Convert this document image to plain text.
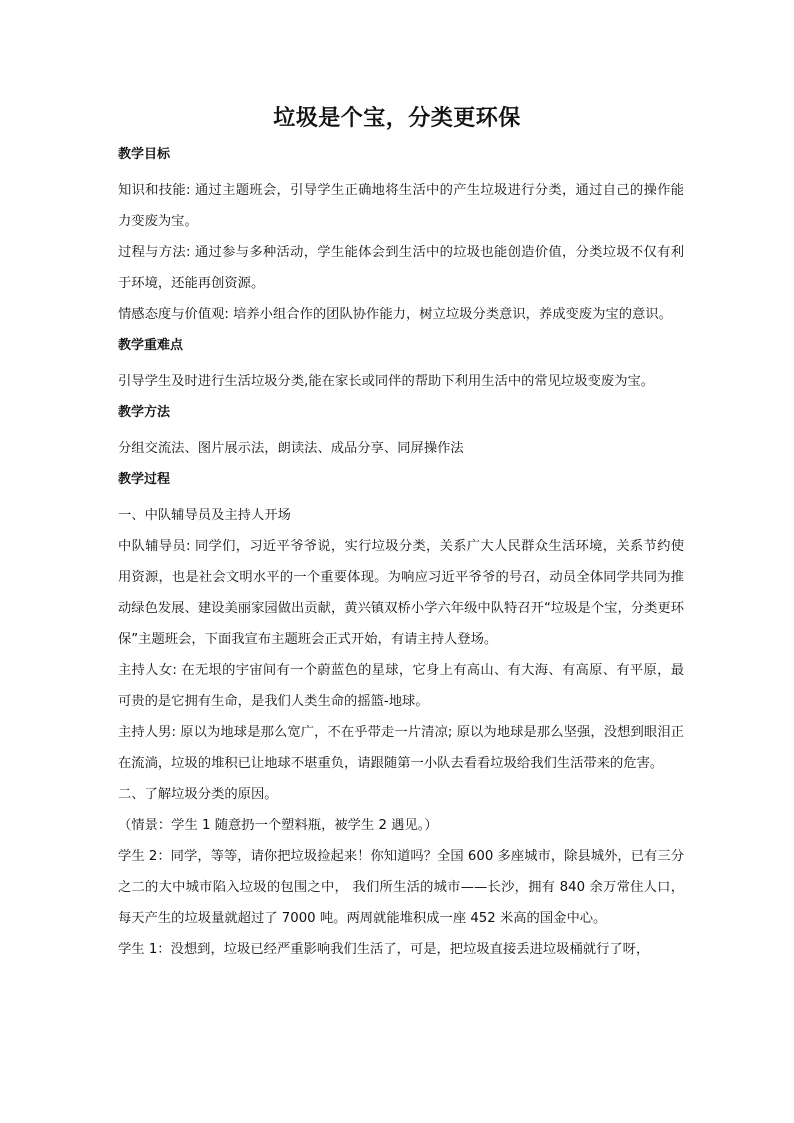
垃圾是个宝，分类更环保
教学目标

知识和技能: 通过主题班会，引导学生正确地将生活中的产生垃圾进行分类，通过自己的操作能力变废为宝。

过程与方法: 通过参与多种活动，学生能体会到生活中的垃圾也能创造价值，分类垃圾不仅有利于环境，还能再创资源。

情感态度与价值观: 培养小组合作的团队协作能力，树立垃圾分类意识，养成变废为宝的意识。

教学重难点

引导学生及时进行生活垃圾分类,能在家长或同伴的帮助下利用生活中的常见垃圾变废为宝。

教学方法

分组交流法、图片展示法，朗读法、成品分享、同屏操作法

教学过程

一、中队辅导员及主持人开场

中队辅导员: 同学们，习近平爷爷说，实行垃圾分类，关系广大人民群众生活环境，关系节约使用资源，也是社会文明水平的一个重要体现。为响应习近平爷爷的号召，动员全体同学共同为推动绿色发展、建设美丽家园做出贡献，黄兴镇双桥小学六年级中队特召开“垃圾是个宝，分类更环保”主题班会，下面我宣布主题班会正式开始，有请主持人登场。

主持人女: 在无垠的宇宙间有一个蔚蓝色的星球，它身上有高山、有大海、有高原、有平原，最可贵的是它拥有生命，是我们人类生命的摇篮-地球。

主持人男: 原以为地球是那么宽广，不在乎带走一片清凉; 原以为地球是那么坚强，没想到眼泪正在流淌，垃圾的堆积已让地球不堪重负，请跟随第一小队去看看垃圾给我们生活带来的危害。

二、了解垃圾分类的原因。

（情景：学生 1 随意扔一个塑料瓶，被学生 2 遇见。）

学生 2：同学，等等，请你把垃圾捡起来！你知道吗？全国 600 多座城市，除县城外，已有三分之二的大中城市陷入垃圾的包围之中， 我们所生活的城市——长沙，拥有 840 余万常住人口，每天产生的垃圾量就超过了 7000 吨。两周就能堆积成一座 452 米高的国金中心。

学生 1：没想到，垃圾已经严重影响我们生活了，可是，把垃圾直接丢进垃圾桶就行了呀，
